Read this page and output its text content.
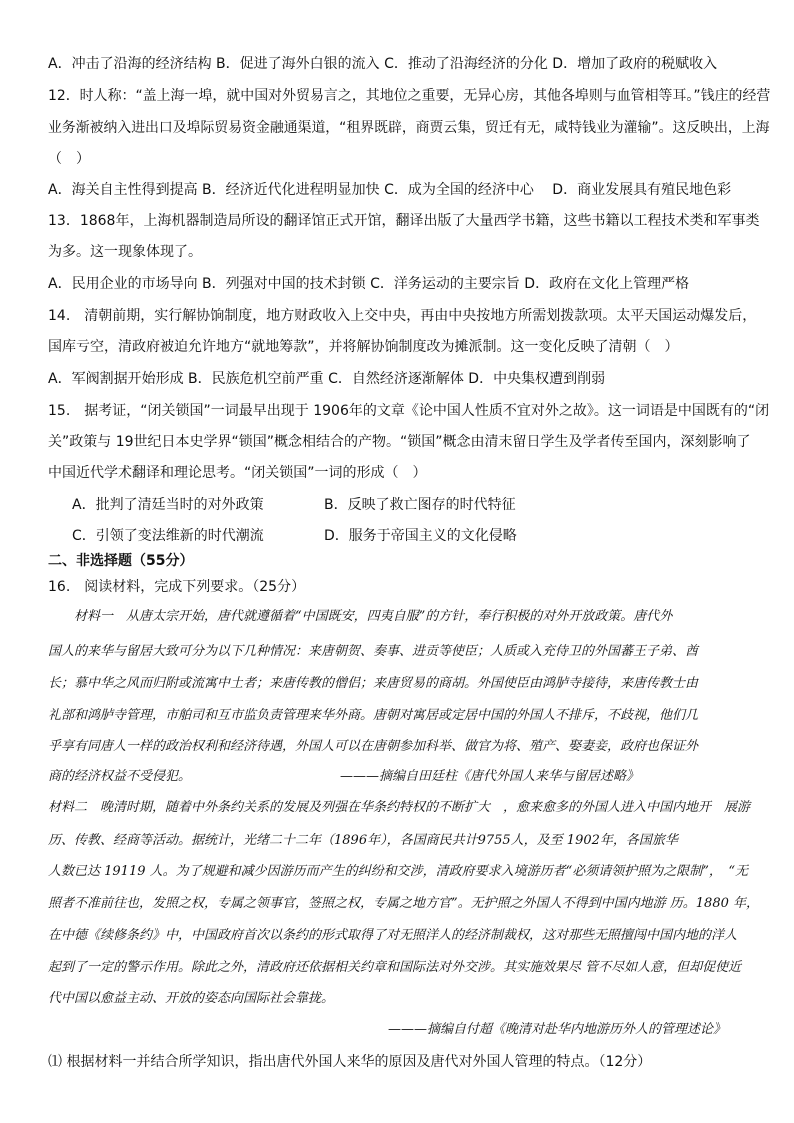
A．冲击了沿海的经济结构 B．促进了海外白银的流入 C．推动了沿海经济的分化 D．增加了政府的税赋收入
12．时人称：“盖上海一埠，就中国对外贸易言之，其地位之重要，无异心房，其他各埠则与血管相等耳。”钱庄的经营
业务渐被纳入进出口及埠际贸易资金融通渠道，“租界既辟，商贾云集，贸迁有无，咸特钱业为灌输”。这反映出，上海
（　）
A．海关自主性得到提高 B．经济近代化进程明显加快 C．成为全国的经济中心　 D．商业发展具有殖民地色彩
13．1868年，上海机器制造局所设的翻译馆正式开馆，翻译出版了大量西学书籍，这些书籍以工程技术类和军事类
为多。这一现象体现了。
A．民用企业的市场导向 B．列强对中国的技术封锁 C．洋务运动的主要宗旨 D．政府在文化上管理严格
14.　清朝前期，实行解协饷制度，地方财政收入上交中央，再由中央按地方所需划拨款项。太平天国运动爆发后，
国库亏空，清政府被迫允许地方“就地筹款”，并将解协饷制度改为摊派制。这一变化反映了清朝（　）
A．军阀割据开始形成 B．民族危机空前严重 C．自然经济逐渐解体 D．中央集权遭到削弱
15.　据考证，“闭关锁国”一词最早出现于 1906年的文章《论中国人性质不宜对外之故》。这一词语是中国既有的“闭
关”政策与 19世纪日本史学界“锁国”概念相结合的产物。“锁国”概念由清末留日学生及学者传至国内，深刻影响了
中国近代学术翻译和理论思考。“闭关锁国”一词的形成（　）
A．批判了清廷当时的对外政策	B．反映了救亡图存的时代特征
C．引领了变法维新的时代潮流	D．服务于帝国主义的文化侵略
二、非选择题（55分）
16.　阅读材料，完成下列要求。（25分）
　　材料一　从唐太宗开始，唐代就遵循着“中国既安，四夷自服”的方针，奉行积极的对外开放政策。唐代外
国人的来华与留居大致可分为以下几种情况：来唐朝贺、奏事、进贡等使臣；人质或入充侍卫的外国蕃王子弟、酋
长；慕中华之风而归附或流寓中土者；来唐传教的僧侣；来唐贸易的商胡。外国使臣由鸿胪寺接待，来唐传教士由
礼部和鸿胪寺管理，市舶司和互市监负责管理来华外商。唐朝对寓居或定居中国的外国人不排斥，不歧视，他们几
乎享有同唐人一样的政治权利和经济待遇，外国人可以在唐朝参加科举、做官为将、殖产、娶妻妾，政府也保证外
商的经济权益不受侵犯。	———摘编自田廷柱《唐代外国人来华与留居述略》
材料二　晚清时期，随着中外条约关系的发展及列强在华条约特权的不断扩大　，愈来愈多的外国人进入中国内地开　展游
历、传教、经商等活动。据统计，光绪二十二年（1896年），各国商民共计9755人，及至 1902年，各国旅华
人数已达 19119 人。为了规避和减少因游历而产生的纠纷和交涉，清政府要求入境游历者“必须请领护照为之限制”，　“无
照者不准前往也，发照之权，专属之领事官，签照之权，专属之地方官”。无护照之外国人不得到中国内地游 历。1880 年，
在中德《续修条约》中，中国政府首次以条约的形式取得了对无照洋人的经济制裁权，这对那些无照擅闯中国内地的洋人
起到了一定的警示作用。除此之外，清政府还依据相关约章和国际法对外交涉。其实施效果尽 管不尽如人意，但却促使近
代中国以愈益主动、开放的姿态向国际社会靠拢。
———摘编自付超《晚清对赴华内地游历外人的管理述论》
⑴ 根据材料一并结合所学知识，指出唐代外国人来华的原因及唐代对外国人管理的特点。（12分）
